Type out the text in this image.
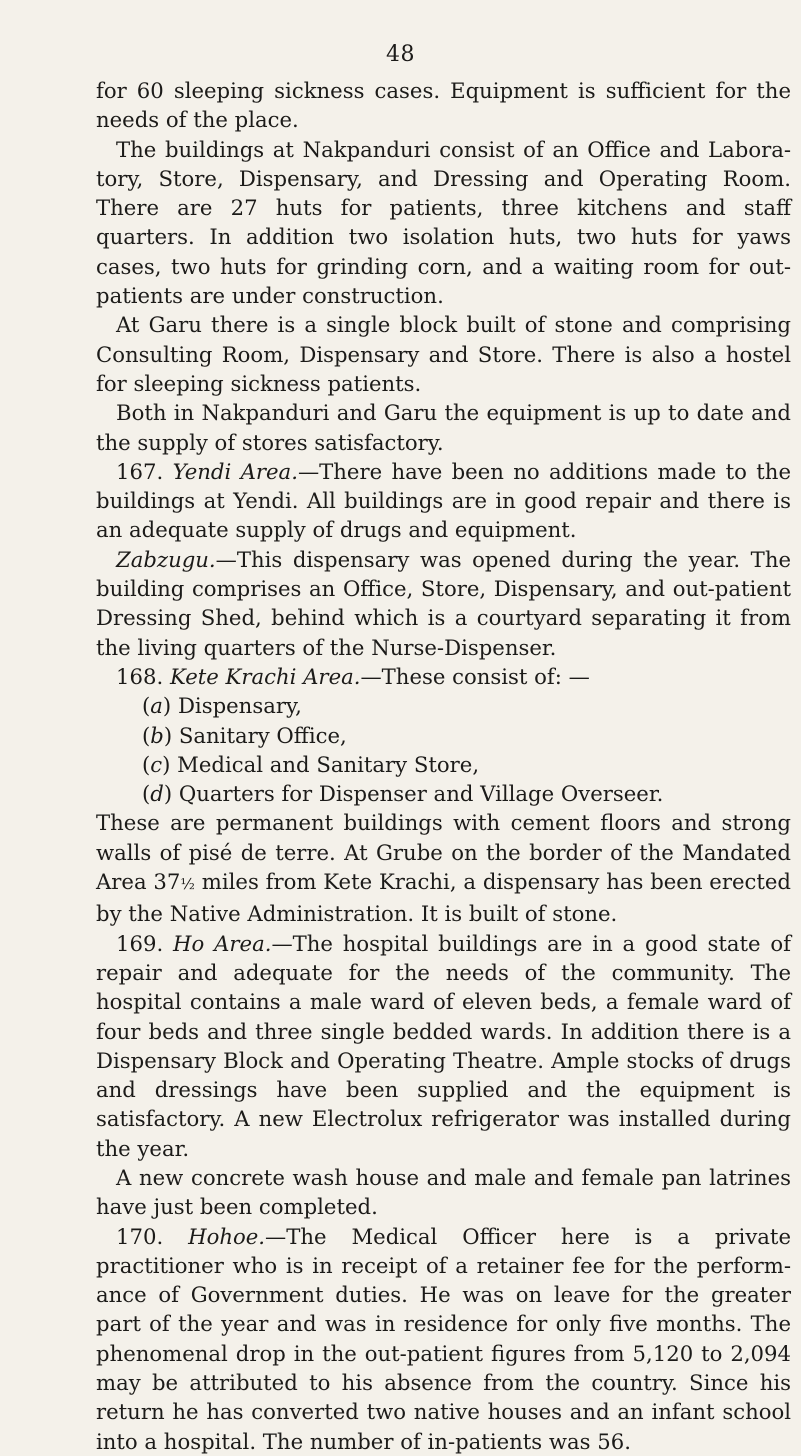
48

for 60 sleeping sickness cases. Equipment is sufficient for the needs of the place.

The buildings at Nakpanduri consist of an Office and Labora-tory, Store, Dispensary, and Dressing and Operating Room. There are 27 huts for patients, three kitchens and staff quarters. In addition two isolation huts, two huts for yaws cases, two huts for grinding corn, and a waiting room for out-patients are under construction.

At Garu there is a single block built of stone and comprising Consulting Room, Dispensary and Store. There is also a hostel for sleeping sickness patients.

Both in Nakpanduri and Garu the equipment is up to date and the supply of stores satisfactory.

167. Yendi Area.—There have been no additions made to the buildings at Yendi. All buildings are in good repair and there is an adequate supply of drugs and equipment.

Zabzugu.—This dispensary was opened during the year. The building comprises an Office, Store, Dispensary, and out-patient Dressing Shed, behind which is a courtyard separating it from the living quarters of the Nurse-Dispenser.

168. Kete Krachi Area.—These consist of: —

(a) Dispensary,

(b) Sanitary Office,

(c) Medical and Sanitary Store,

(d) Quarters for Dispenser and Village Overseer.

These are permanent buildings with cement floors and strong walls of pisé de terre. At Grube on the border of the Mandated Area 37½ miles from Kete Krachi, a dispensary has been erected by the Native Administration. It is built of stone.

169. Ho Area.—The hospital buildings are in a good state of repair and adequate for the needs of the community. The hospital contains a male ward of eleven beds, a female ward of four beds and three single bedded wards. In addition there is a Dispensary Block and Operating Theatre. Ample stocks of drugs and dressings have been supplied and the equipment is satisfactory. A new Electrolux refrigerator was installed during the year.

A new concrete wash house and male and female pan latrines have just been completed.

170. Hohoe.—The Medical Officer here is a private practitioner who is in receipt of a retainer fee for the perform-ance of Government duties. He was on leave for the greater part of the year and was in residence for only five months. The phenomenal drop in the out-patient figures from 5,120 to 2,094 may be attributed to his absence from the country. Since his return he has converted two native houses and an infant school into a hospital. The number of in-patients was 56.
